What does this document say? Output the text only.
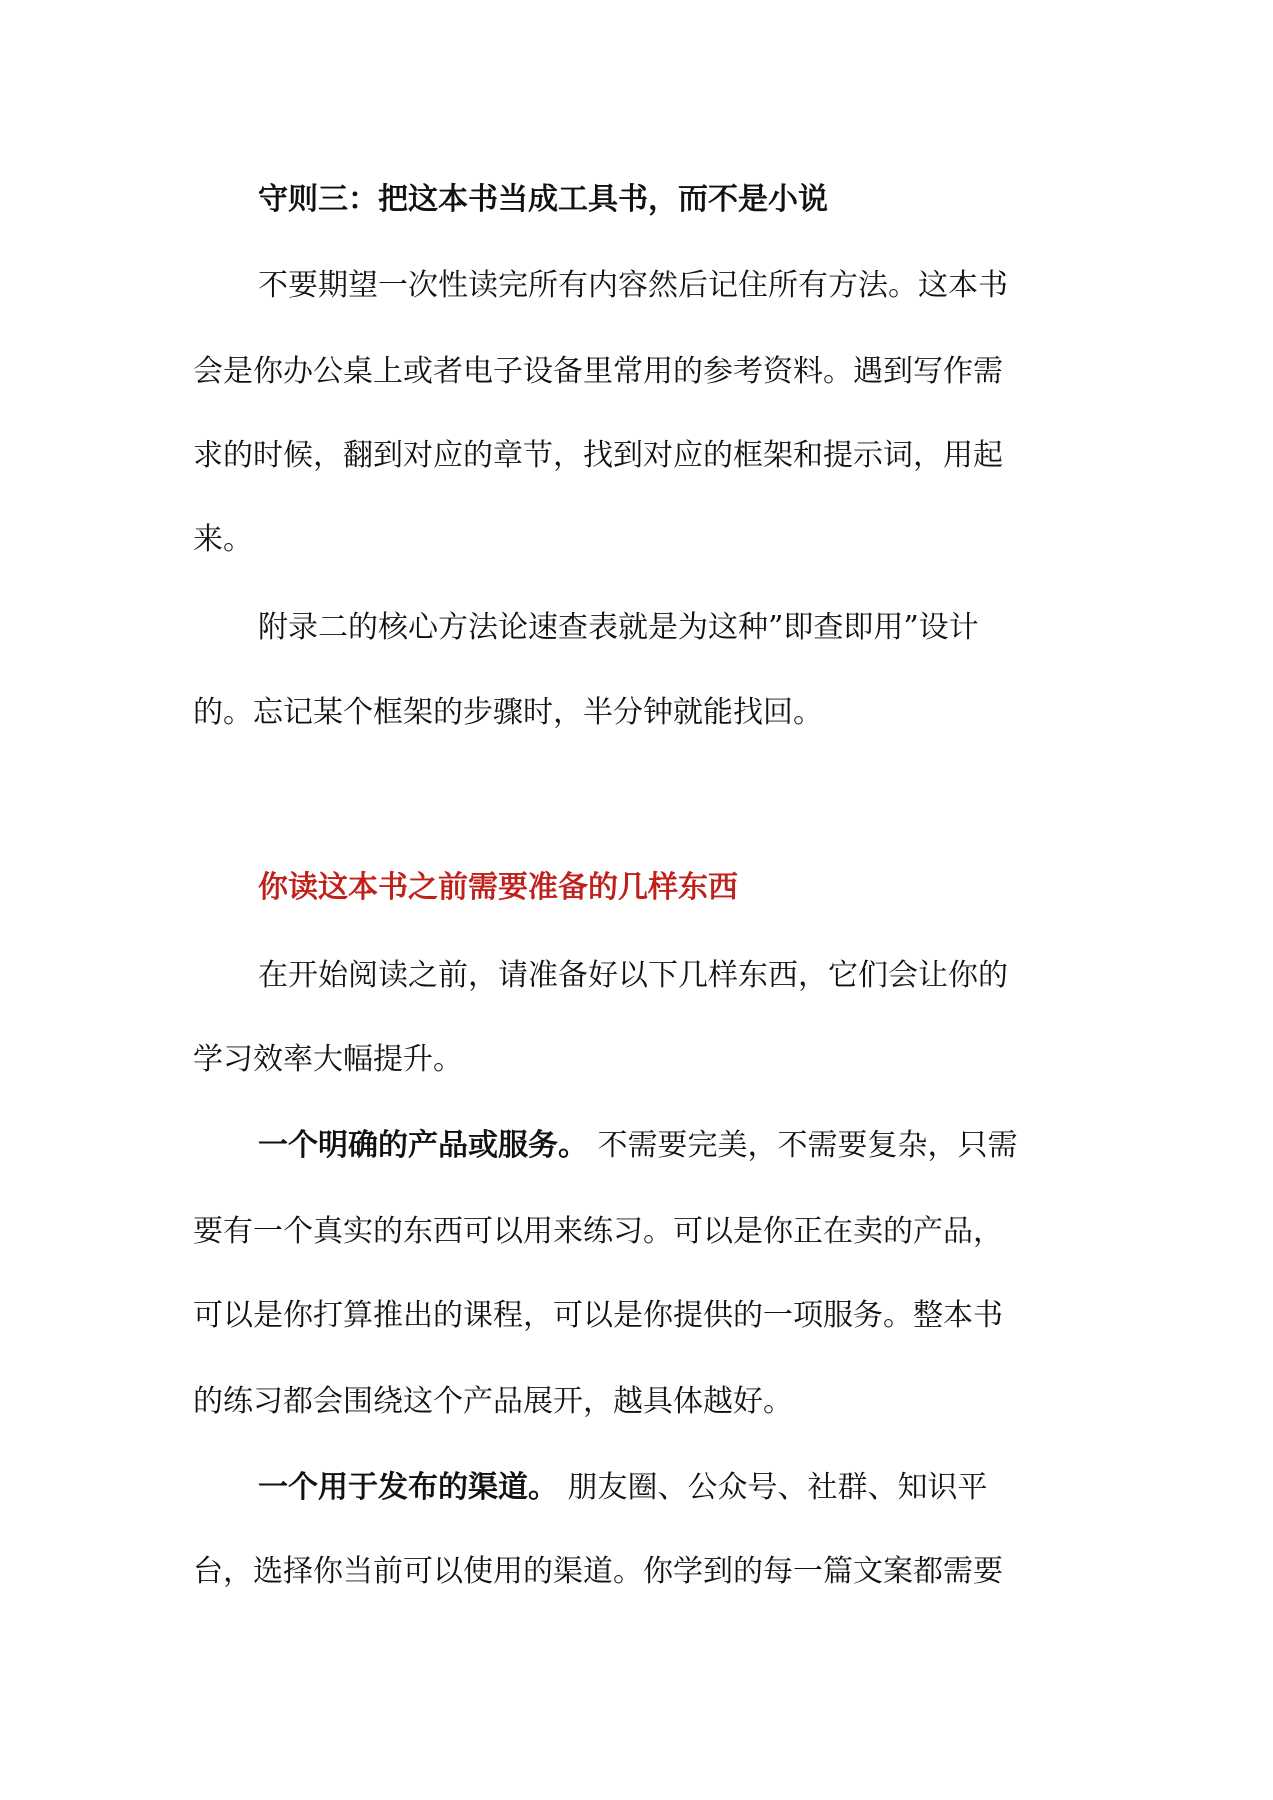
守则三：把这本书当成工具书，而不是小说
不要期望一次性读完所有内容然后记住所有方法。这本书
会是你办公桌上或者电子设备里常用的参考资料。遇到写作需
求的时候，翻到对应的章节，找到对应的框架和提示词，用起
来。
附录二的核心方法论速查表就是为这种”即查即用”设计
的。忘记某个框架的步骤时，半分钟就能找回。
你读这本书之前需要准备的几样东西
在开始阅读之前，请准备好以下几样东西，它们会让你的
学习效率大幅提升。
一个明确的产品或服务。 不需要完美，不需要复杂，只需
要有一个真实的东西可以用来练习。可以是你正在卖的产品，
可以是你打算推出的课程，可以是你提供的一项服务。整本书
的练习都会围绕这个产品展开，越具体越好。
一个用于发布的渠道。 朋友圈、公众号、社群、知识平
台，选择你当前可以使用的渠道。你学到的每一篇文案都需要
